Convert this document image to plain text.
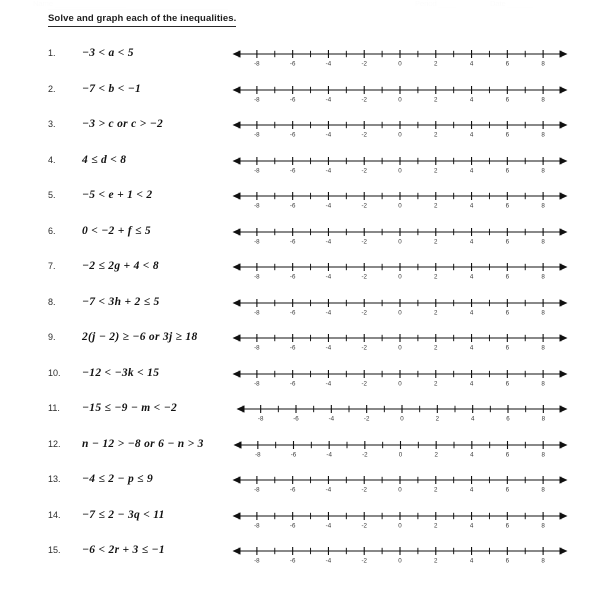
Name _________________	Period ____	Date ______
Solve and graph each of the inequalities.
1.	−3 < a < 5
-8	-6	-4	-2	0	2	4	6	8
2.	−7 < b < −1
-8	-6	-4	-2	0	2	4	6	8
3.	−3 > c or c > −2
-8	-6	-4	-2	0	2	4	6	8
4.	4 ≤ d < 8
-8	-6	-4	-2	0	2	4	6	8
5.	−5 < e + 1 < 2
-8	-6	-4	-2	0	2	4	6	8
6.	0 < −2 + f ≤ 5
-8	-6	-4	-2	0	2	4	6	8
7.	−2 ≤ 2g + 4 < 8
-8	-6	-4	-2	0	2	4	6	8
8.	−7 < 3h + 2 ≤ 5
-8	-6	-4	-2	0	2	4	6	8
9.	2(j − 2) ≥ −6 or 3j ≥ 18
-8	-6	-4	-2	0	2	4	6	8
10.	−12 < −3k < 15
-8	-6	-4	-2	0	2	4	6	8
11.	−15 ≤ −9 − m < −2
-8	-6	-4	-2	0	2	4	6	8
12.	n − 12 > −8 or 6 − n > 3
-8	-6	-4	-2	0	2	4	6	8
13.	−4 ≤ 2 − p ≤ 9
-8	-6	-4	-2	0	2	4	6	8
14.	−7 ≤ 2 − 3q < 11
-8	-6	-4	-2	0	2	4	6	8
15.	−6 < 2r + 3 ≤ −1
-8	-6	-4	-2	0	2	4	6	8
